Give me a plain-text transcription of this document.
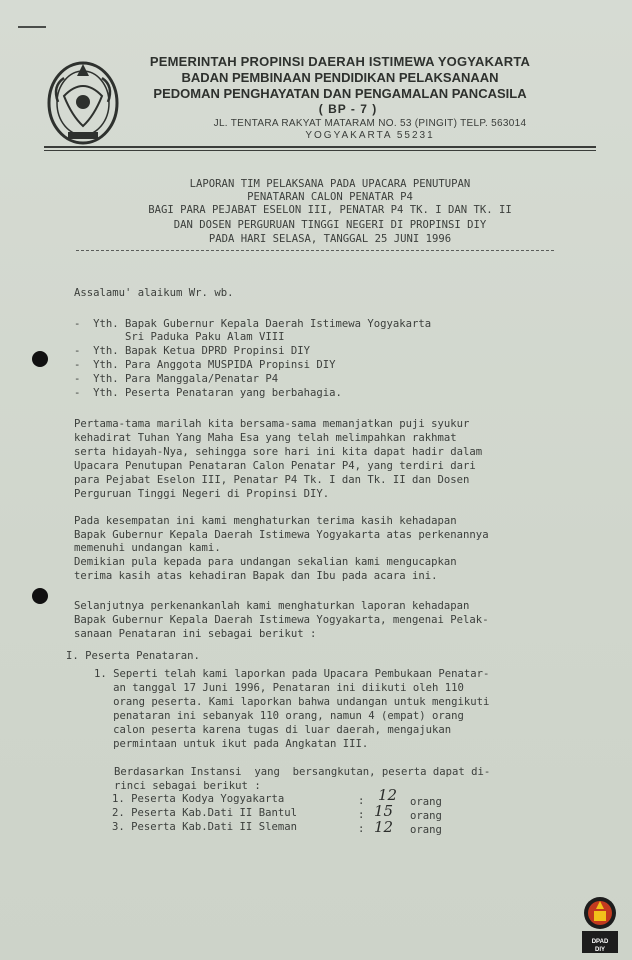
PEMERINTAH PROPINSI DAERAH ISTIMEWA YOGYAKARTA
BADAN PEMBINAAN PENDIDIKAN PELAKSANAAN
PEDOMAN PENGHAYATAN DAN PENGAMALAN PANCASILA
( BP - 7 )
JL. TENTARA RAKYAT MATARAM NO. 53 (PINGIT) TELP. 563014
YOGYAKARTA 55231
LAPORAN TIM PELAKSANA PADA UPACARA PENUTUPAN
PENATARAN CALON PENATAR P4
BAGI PARA PEJABAT ESELON III, PENATAR P4 TK. I DAN TK. II
DAN DOSEN PERGURUAN TINGGI NEGERI DI PROPINSI DIY
PADA HARI SELASA, TANGGAL 25 JUNI 1996
Assalamu' alaikum Wr. wb.
-  Yth. Bapak Gubernur Kepala Daerah Istimewa Yogyakarta
Sri Paduka Paku Alam VIII
-  Yth. Bapak Ketua DPRD Propinsi DIY
-  Yth. Para Anggota MUSPIDA Propinsi DIY
-  Yth. Para Manggala/Penatar P4
-  Yth. Peserta Penataran yang berbahagia.
Pertama-tama marilah kita bersama-sama memanjatkan puji syukur
kehadirat Tuhan Yang Maha Esa yang telah melimpahkan rakhmat
serta hidayah-Nya, sehingga sore hari ini kita dapat hadir dalam
Upacara Penutupan Penataran Calon Penatar P4, yang terdiri dari
para Pejabat Eselon III, Penatar P4 Tk. I dan Tk. II dan Dosen
Perguruan Tinggi Negeri di Propinsi DIY.
Pada kesempatan ini kami menghaturkan terima kasih kehadapan
Bapak Gubernur Kepala Daerah Istimewa Yogyakarta atas perkenannya
memenuhi undangan kami.
Demikian pula kepada para undangan sekalian kami mengucapkan
terima kasih atas kehadiran Bapak dan Ibu pada acara ini.
Selanjutnya perkenankanlah kami menghaturkan laporan kehadapan
Bapak Gubernur Kepala Daerah Istimewa Yogyakarta, mengenai Pelak-
sanaan Penataran ini sebagai berikut :
I. Peserta Penataran.
1. Seperti telah kami laporkan pada Upacara Pembukaan Penatar-
an tanggal 17 Juni 1996, Penataran ini diikuti oleh 110
orang peserta. Kami laporkan bahwa undangan untuk mengikuti
penataran ini sebanyak 110 orang, namun 4 (empat) orang
calon peserta karena tugas di luar daerah, mengajukan
permintaan untuk ikut pada Angkatan III.
Berdasarkan Instansi  yang  bersangkutan, peserta dapat di-
rinci sebagai berikut :
1. Peserta Kodya Yogyakarta	: 12 orang
2. Peserta Kab.Dati II Bantul	: 15 orang
3. Peserta Kab.Dati II Sleman	: 12 orang
DPAD
DIY
